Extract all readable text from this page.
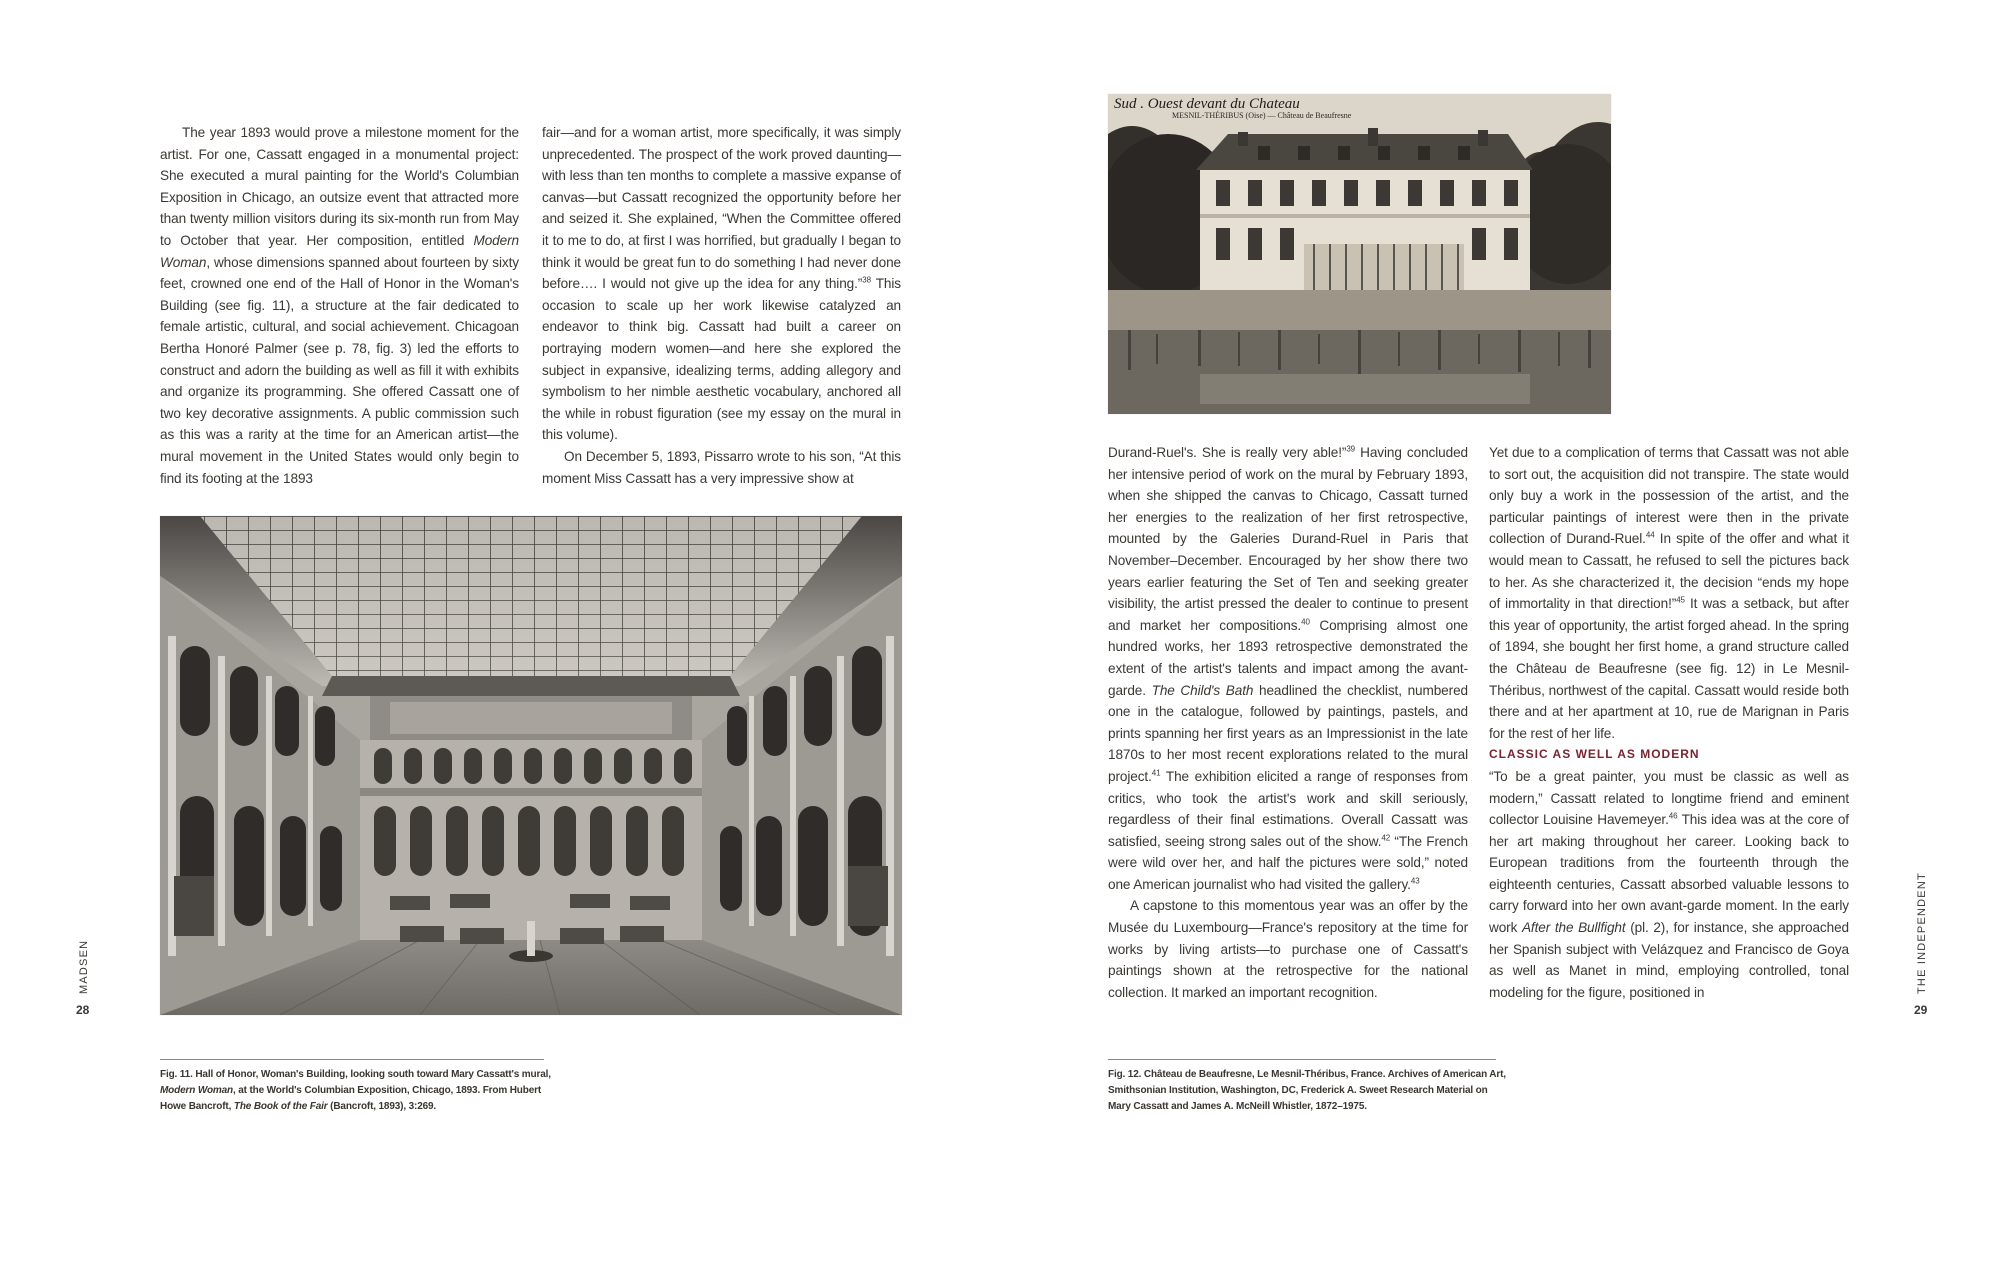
The year 1893 would prove a milestone moment for the artist. For one, Cassatt engaged in a monumental project: She executed a mural painting for the World's Columbian Exposition in Chicago, an outsize event that attracted more than twenty million visitors during its six-month run from May to October that year. Her composition, entitled Modern Woman, whose dimensions spanned about fourteen by sixty feet, crowned one end of the Hall of Honor in the Woman's Building (see fig. 11), a structure at the fair dedicated to female artistic, cultural, and social achievement. Chicagoan Bertha Honoré Palmer (see p. 78, fig. 3) led the efforts to construct and adorn the building as well as fill it with exhibits and organize its programming. She offered Cassatt one of two key decorative assignments. A public commission such as this was a rarity at the time for an American artist—the mural movement in the United States would only begin to find its footing at the 1893

fair—and for a woman artist, more specifically, it was simply unprecedented. The prospect of the work proved daunting—with less than ten months to complete a massive expanse of canvas—but Cassatt recognized the opportunity before her and seized it. She explained, “When the Committee offered it to me to do, at first I was horrified, but gradually I began to think it would be great fun to do something I had never done before…. I would not give up the idea for any thing.”$^{38}$ This occasion to scale up her work likewise catalyzed an endeavor to think big. Cassatt had built a career on portraying modern women—and here she explored the subject in expansive, idealizing terms, adding allegory and symbolism to her nimble aesthetic vocabulary, anchored all the while in robust figuration (see my essay on the mural in this volume).

On December 5, 1893, Pissarro wrote to his son, “At this moment Miss Cassatt has a very impressive show at

Fig. 11. Hall of Honor, Woman's Building, looking south toward Mary Cassatt's mural, Modern Woman, at the World's Columbian Exposition, Chicago, 1893. From Hubert Howe Bancroft, The Book of the Fair (Bancroft, 1893), 3:269.
MADSEN
28
Sud . Ouest devant du Chateau
MESNIL-THÉRIBUS (Oise) — Château de Beaufresne

Durand-Ruel's. She is really very able!”$^{39}$ Having concluded her intensive period of work on the mural by February 1893, when she shipped the canvas to Chicago, Cassatt turned her energies to the realization of her first retrospective, mounted by the Galeries Durand-Ruel in Paris that November–December. Encouraged by her show there two years earlier featuring the Set of Ten and seeking greater visibility, the artist pressed the dealer to continue to present and market her compositions.$^{40}$ Comprising almost one hundred works, her 1893 retrospective demonstrated the extent of the artist's talents and impact among the avant-garde. The Child's Bath headlined the checklist, numbered one in the catalogue, followed by paintings, pastels, and prints spanning her first years as an Impressionist in the late 1870s to her most recent explorations related to the mural project.$^{41}$ The exhibition elicited a range of responses from critics, who took the artist's work and skill seriously, regardless of their final estimations. Overall Cassatt was satisfied, seeing strong sales out of the show.$^{42}$ “The French were wild over her, and half the pictures were sold,” noted one American journalist who had visited the gallery.$^{43}$

A capstone to this momentous year was an offer by the Musée du Luxembourg—France's repository at the time for works by living artists—to purchase one of Cassatt's paintings shown at the retrospective for the national collection. It marked an important recognition.

Yet due to a complication of terms that Cassatt was not able to sort out, the acquisition did not transpire. The state would only buy a work in the possession of the artist, and the particular paintings of interest were then in the private collection of Durand-Ruel.$^{44}$ In spite of the offer and what it would mean to Cassatt, he refused to sell the pictures back to her. As she characterized it, the decision “ends my hope of immortality in that direction!”$^{45}$ It was a setback, but after this year of opportunity, the artist forged ahead. In the spring of 1894, she bought her first home, a grand structure called the Château de Beaufresne (see fig. 12) in Le Mesnil-Théribus, northwest of the capital. Cassatt would reside both there and at her apartment at 10, rue de Marignan in Paris for the rest of her life.

CLASSIC AS WELL AS MODERN

“To be a great painter, you must be classic as well as modern,” Cassatt related to longtime friend and eminent collector Louisine Havemeyer.$^{46}$ This idea was at the core of her art making throughout her career. Looking back to European traditions from the fourteenth through the eighteenth centuries, Cassatt absorbed valuable lessons to carry forward into her own avant-garde moment. In the early work After the Bullfight (pl. 2), for instance, she approached her Spanish subject with Velázquez and Francisco de Goya as well as Manet in mind, employing controlled, tonal modeling for the figure, positioned in

Fig. 12. Château de Beaufresne, Le Mesnil-Théribus, France. Archives of American Art, Smithsonian Institution, Washington, DC, Frederick A. Sweet Research Material on Mary Cassatt and James A. McNeill Whistler, 1872–1975.
THE INDEPENDENT
29
